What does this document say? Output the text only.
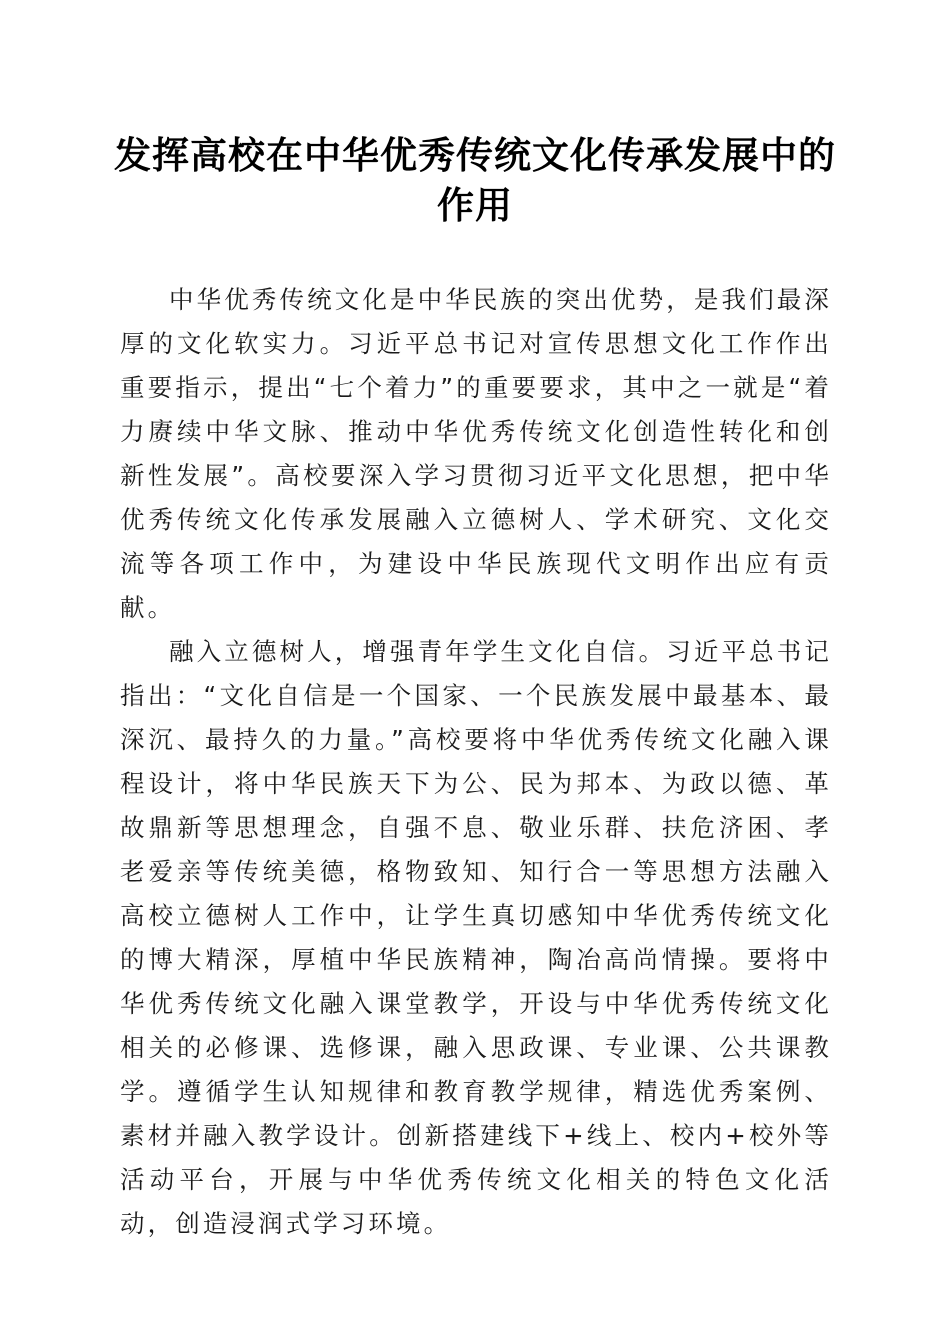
发挥高校在中华优秀传统文化传承发展中的作用

中华优秀传统文化是中华民族的突出优势，是我们最深厚的文化软实力。习近平总书记对宣传思想文化工作作出重要指示，提出“七个着力”的重要要求，其中之一就是“着力赓续中华文脉、推动中华优秀传统文化创造性转化和创新性发展”。高校要深入学习贯彻习近平文化思想，把中华优秀传统文化传承发展融入立德树人、学术研究、文化交流等各项工作中，为建设中华民族现代文明作出应有贡献。

融入立德树人，增强青年学生文化自信。习近平总书记指出：“文化自信是一个国家、一个民族发展中最基本、最深沉、最持久的力量。”高校要将中华优秀传统文化融入课程设计，将中华民族天下为公、民为邦本、为政以德、革故鼎新等思想理念，自强不息、敬业乐群、扶危济困、孝老爱亲等传统美德，格物致知、知行合一等思想方法融入高校立德树人工作中，让学生真切感知中华优秀传统文化的博大精深，厚植中华民族精神，陶冶高尚情操。要将中华优秀传统文化融入课堂教学，开设与中华优秀传统文化相关的必修课、选修课，融入思政课、专业课、公共课教学。遵循学生认知规律和教育教学规律，精选优秀案例、素材并融入教学设计。创新搭建线下+线上、校内+校外等活动平台，开展与中华优秀传统文化相关的特色文化活动，创造浸润式学习环境。
